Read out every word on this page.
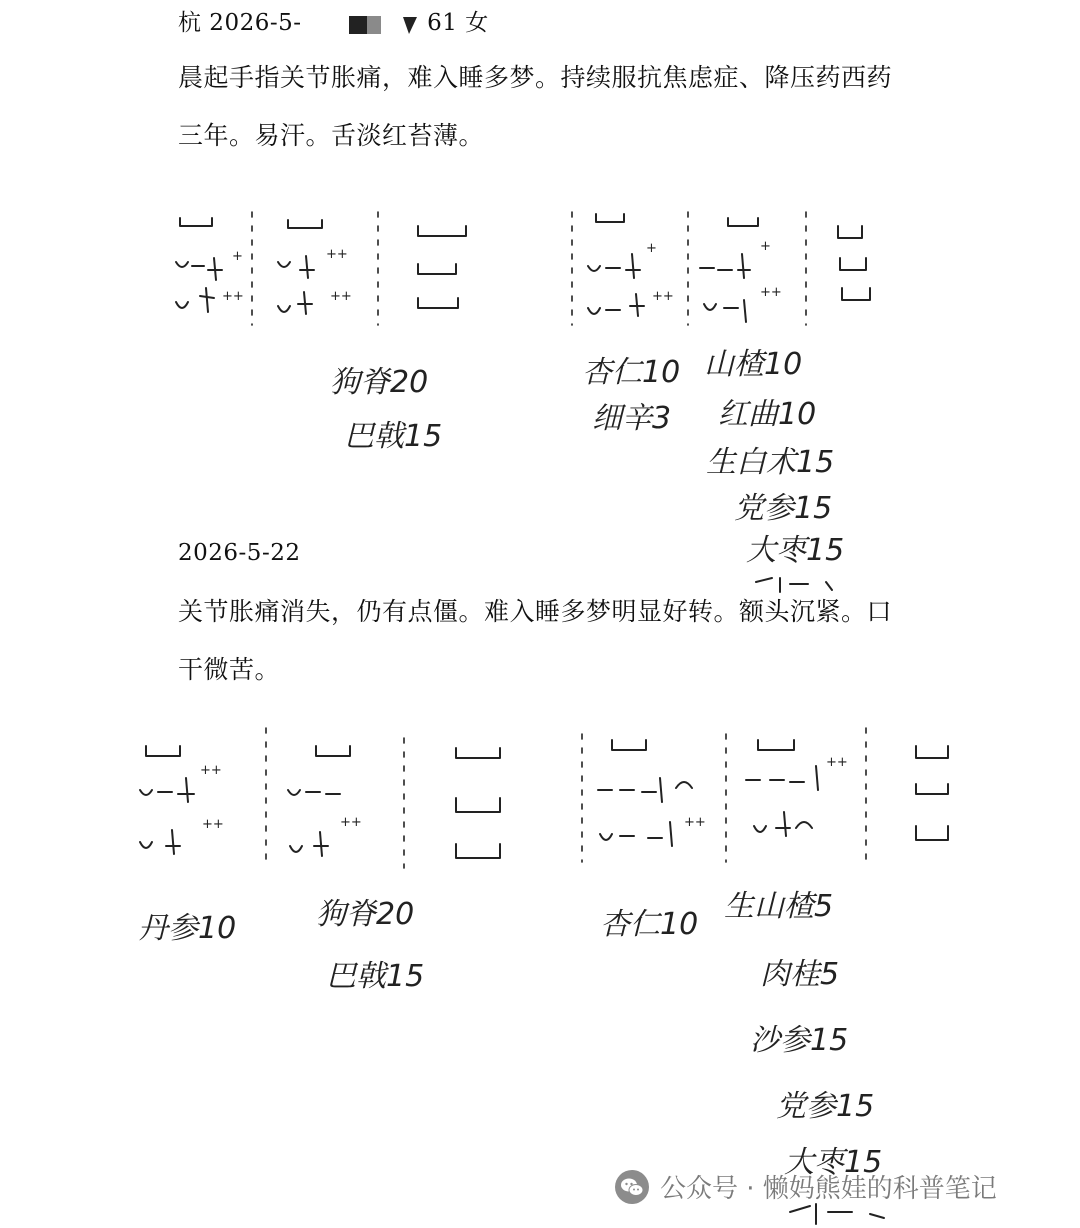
杭 2026-5-	61 女
晨起手指关节胀痛，难入睡多梦。持续服抗焦虑症、降压药西药
三年。易汗。舌淡红苔薄。
2026-5-22
关节胀痛消失，仍有点僵。难入睡多梦明显好转。额头沉紧。口
干微苦。
+
++
++
++
+
++
+
++
狗脊20
巴戟15
杏仁10
细辛3
山楂10
红曲10
生白术15
党参15
大枣15
++
++	++	++
++
丹参10	狗脊20
巴戟15
杏仁10
生山楂5
肉桂5
沙参15
党参15
大枣15
公众号 · 懒妈熊娃的科普笔记
